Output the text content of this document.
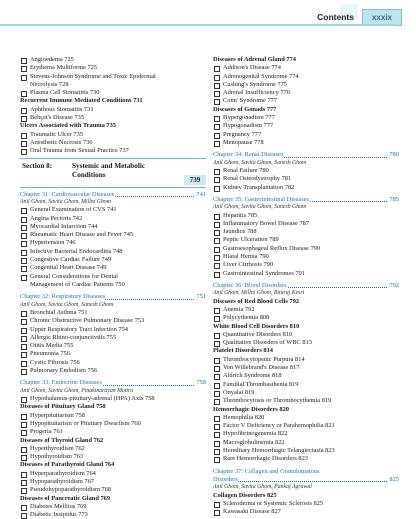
Contents	xxxix
Angioedema 725
Erythema Multiforme 725
Stevens-Johnson Syndrome and Toxic Epidermal
Necrolysis 728
Plasma Cell Stomatitis 730
Recurrent Immune Mediated Conditions 731
Aphthous Stomatitis 731
Behçet's Disease 735
Ulcers Associated with Trauma 735
Traumatic Ulcer 735
Anesthetic Necrosis 736
Oral Trauma from Sexual Practice 737
Section 8:	Systemic and Metabolic
Conditions
739
Chapter 31: Cardiovascular Diseases	741
Anil Ghom, Savita Ghom, Millni Ghom
General Examination of CVS 741
Angina Pectoris 742
Myocardial Infarction 744
Rheumatic Heart Disease and Fever 745
Hypertension 746
Infective Bacterial Endocarditis 748
Congestive Cardiac Failure 749
Congenital Heart Disease 749
General Considerations for Dental
Management of Cardiac Patients 750
Chapter 32: Respiratory Diseases	751
Anil Ghom, Savita Ghom, Sanesh Ghom
Bronchial Asthma 751
Chronic Obstructive Pulmonary Disease 753
Upper Respiratory Tract Infection 754
Allergic Rhino-conjunctivitis 755
Otitis Media 755
Pneumonia 756
Cystic Fibrosis 756
Pulmonary Embolism 756
Chapter 33: Endocrine Diseases	758
Anil Ghom, Savita Ghom, Pinakinarayan Moitra
Hypothalamus-pituitary-adrenal (HPA) Axis 758
Diseases of Pituitary Gland 758
Hyperpituitarism 758
Hypopituitarism or Pituitary Dwarfism 760
Progeria 761
Diseases of Thyroid Gland 762
Hyperthyroidism 762
Hypothyroidism 763
Diseases of Parathyroid Gland 764
Hyperparathyroidism 764
Hypoparathyroidism 767
Pseudohypoparathyroidism 768
Diseases of Pancreatic Gland 769
Diabetes Mellitus 769
Diabetic Insipidus 773
Diseases of Adrenal Gland 774
Addison's Disease 774
Adrenogenital Syndrome 774
Cushing's Syndrome 775
Adrenal Insufficiency 776
Conn' Syndrome 777
Diseases of Gonads 777
Hypergonadism 777
Hypogonadism 777
Pregnancy 777
Menopause 778
Chapter 34: Renal Diseases	780
Anil Ghom, Savita Ghom, Sanesh Ghom
Renal Failure 780
Renal Osteodystrophy 781
Kidney Transplantation 782
Chapter 35: Gastrointestinal Diseases	785
Anil Ghom, Savita Ghom, Sanesh Ghom
Hepatitis 785
Inflammatory Bowel Disease 787
Jaundice 788
Peptic Ulceration 789
Gastroesophageal Reflux Disease 790
Hiatal Hernia 790
Liver Cirrhosis 790
Gastrointestinal Syndromes 791
Chapter 36: Blood Disorders	792
Anil Ghom, Millni Ghom, Rituraj Kesri
Diseases of Red Blood Cells 792
Anemia 792
Polycythemia 808
White Blood Cell Disorders 810
Quantitative Disorders 810
Qualitative Disorders of WBC 813
Platelet Disorders 814
Thrombocytopenic Purpura 814
Von Willebrand's Disease 817
Aldrich Syndrome 818
Familial Thrombasthenia 819
Onyalai 819
Thrombocytosis or Thrombocythemia 819
Hemorrhagic Disorders 820
Hemophilia 820
Factor V Deficiency or Parahemophilia 821
Hypofibrinogenemia 822
Macroglobulinemia 822
Hereditary Hemorrhagic Telangiectasia 823
Rare Hemorrhagic Disorders 823
Chapter 37: Collagen and Granulomatous
Disorders	825
Anil Ghom, Savita Ghom, Pankaj Agrawal
Collagen Disorders 825
Scleroderma or Systemic Sclerosis 825
Kawasaki Disease 827
